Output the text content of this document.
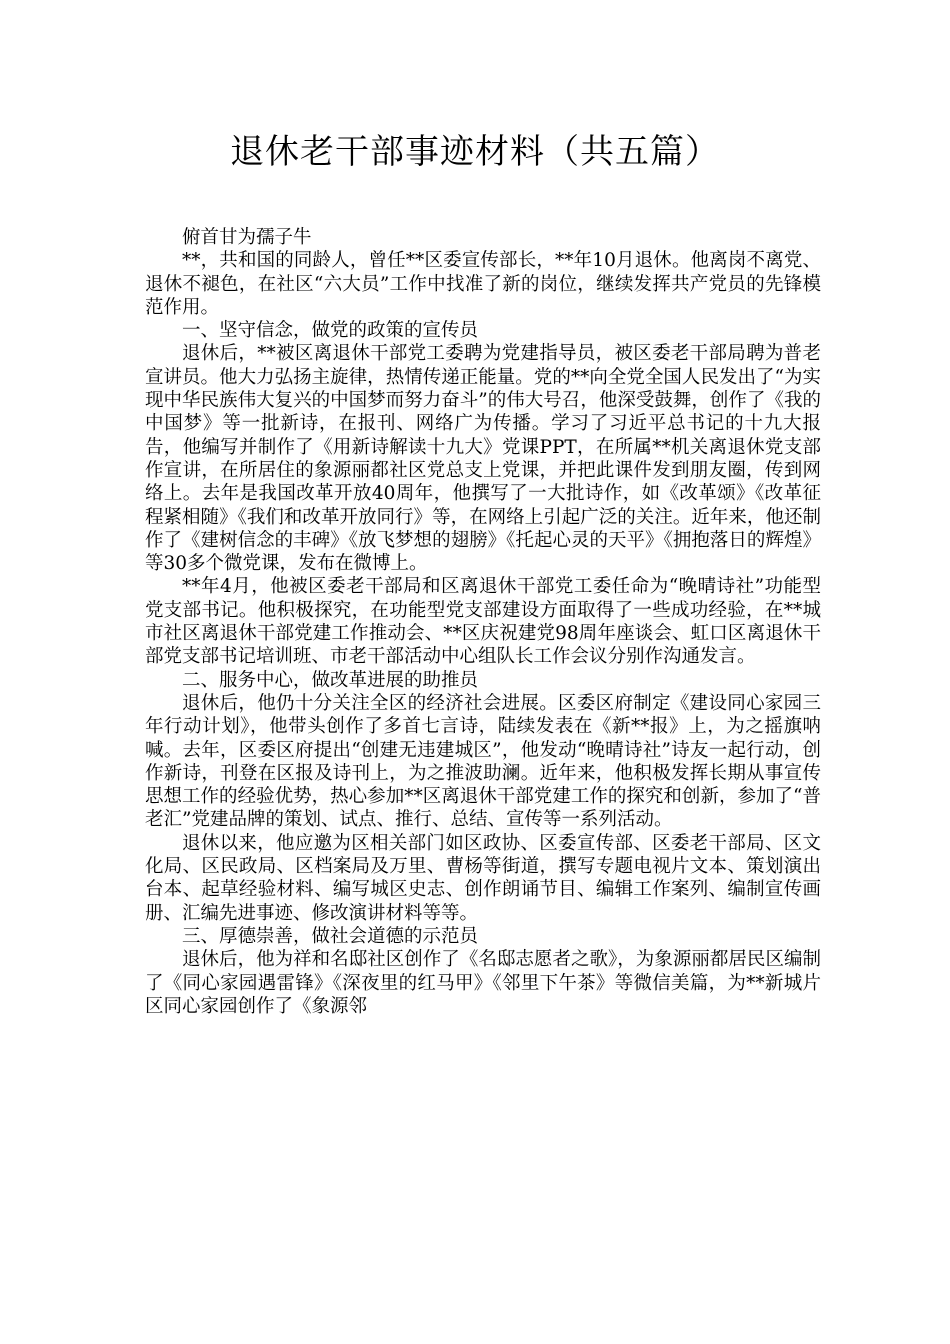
退休老干部事迹材料（共五篇）

俯首甘为孺子牛

**，共和国的同龄人，曾任**区委宣传部长，**年10月退休。他离岗不离党、退休不褪色，在社区“六大员”工作中找准了新的岗位，继续发挥共产党员的先锋模范作用。

一、坚守信念，做党的政策的宣传员

退休后，**被区离退休干部党工委聘为党建指导员，被区委老干部局聘为普老宣讲员。他大力弘扬主旋律，热情传递正能量。党的**向全党全国人民发出了“为实现中华民族伟大复兴的中国梦而努力奋斗”的伟大号召，他深受鼓舞，创作了《我的中国梦》等一批新诗，在报刊、网络广为传播。学习了习近平总书记的十九大报告，他编写并制作了《用新诗解读十九大》党课PPT，在所属**机关离退休党支部作宣讲，在所居住的象源丽都社区党总支上党课，并把此课件发到朋友圈，传到网络上。去年是我国改革开放40周年，他撰写了一大批诗作，如《改革颂》《改革征程紧相随》《我们和改革开放同行》等，在网络上引起广泛的关注。近年来，他还制作了《建树信念的丰碑》《放飞梦想的翅膀》《托起心灵的天平》《拥抱落日的辉煌》等30多个微党课，发布在微博上。

**年4月，他被区委老干部局和区离退休干部党工委任命为“晚晴诗社”功能型党支部书记。他积极探究，在功能型党支部建设方面取得了一些成功经验，在**城市社区离退休干部党建工作推动会、**区庆祝建党98周年座谈会、虹口区离退休干部党支部书记培训班、市老干部活动中心组队长工作会议分别作沟通发言。

二、服务中心，做改革进展的助推员

退休后，他仍十分关注全区的经济社会进展。区委区府制定《建设同心家园三年行动计划》，他带头创作了多首七言诗，陆续发表在《新**报》上，为之摇旗呐喊。去年，区委区府提出“创建无违建城区”，他发动“晚晴诗社”诗友一起行动，创作新诗，刊登在区报及诗刊上，为之推波助澜。近年来，他积极发挥长期从事宣传思想工作的经验优势，热心参加**区离退休干部党建工作的探究和创新，参加了“普老汇”党建品牌的策划、试点、推行、总结、宣传等一系列活动。

退休以来，他应邀为区相关部门如区政协、区委宣传部、区委老干部局、区文化局、区民政局、区档案局及万里、曹杨等街道，撰写专题电视片文本、策划演出台本、起草经验材料、编写城区史志、创作朗诵节目、编辑工作案列、编制宣传画册、汇编先进事迹、修改演讲材料等等。

三、厚德崇善，做社会道德的示范员

退休后，他为祥和名邸社区创作了《名邸志愿者之歌》，为象源丽都居民区编制了《同心家园遇雷锋》《深夜里的红马甲》《邻里下午茶》等微信美篇，为**新城片区同心家园创作了《象源邻
